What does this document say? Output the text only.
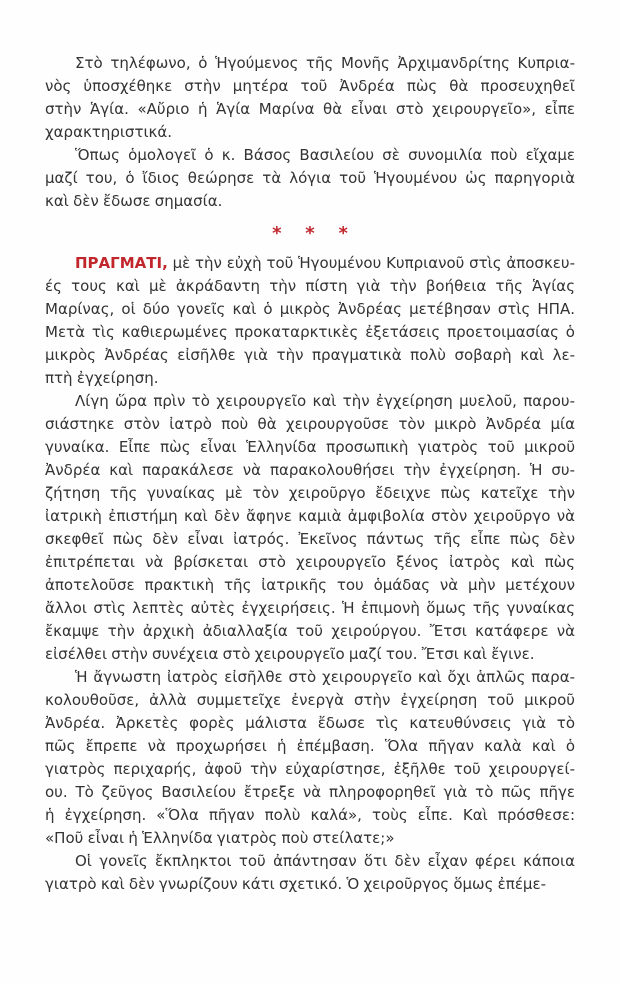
Στὸ τηλέφωνο, ὁ Ἡγούμενος τῆς Μονῆς Ἀρχιμανδρίτης Κυπρια-
νὸς ὑποσχέθηκε στὴν μητέρα τοῦ Ἀνδρέα πὼς θὰ προσευχηθεῖ
στὴν Ἁγία. «Αὔριο ἡ Ἁγία Μαρίνα θὰ εἶναι στὸ χειρουργεῖο», εἶπε
χαρακτηριστικά.
Ὅπως ὁμολογεῖ ὁ κ. Βάσος Βασιλείου σὲ συνομιλία ποὺ εἴχαμε
μαζί του, ὁ ἴδιος θεώρησε τὰ λόγια τοῦ Ἡγουμένου ὡς παρηγοριὰ
καὶ δὲν ἔδωσε σημασία.
* * *
ΠΡΑΓΜΑΤΙ, μὲ τὴν εὐχὴ τοῦ Ἡγουμένου Κυπριανοῦ στὶς ἀποσκευ-
ές τους καὶ μὲ ἀκράδαντη τὴν πίστη γιὰ τὴν βοήθεια τῆς Ἁγίας
Μαρίνας, οἱ δύο γονεῖς καὶ ὁ μικρὸς Ἀνδρέας μετέβησαν στὶς ΗΠΑ.
Μετὰ τὶς καθιερωμένες προκαταρκτικὲς ἐξετάσεις προετοιμασίας ὁ
μικρὸς Ἀνδρέας εἰσῆλθε γιὰ τὴν πραγματικὰ πολὺ σοβαρὴ καὶ λε-
πτὴ ἐγχείρηση.
Λίγη ὥρα πρὶν τὸ χειρουργεῖο καὶ τὴν ἐγχείρηση μυελοῦ, παρου-
σιάστηκε στὸν ἰατρὸ ποὺ θὰ χειρουργοῦσε τὸν μικρὸ Ἀνδρέα μία
γυναίκα. Εἶπε πὼς εἶναι Ἑλληνίδα προσωπικὴ γιατρὸς τοῦ μικροῦ
Ἀνδρέα καὶ παρακάλεσε νὰ παρακολουθήσει τὴν ἐγχείρηση. Ἡ συ-
ζήτηση τῆς γυναίκας μὲ τὸν χειροῦργο ἔδειχνε πὼς κατεῖχε τὴν
ἰατρικὴ ἐπιστήμη καὶ δὲν ἄφηνε καμιὰ ἀμφιβολία στὸν χειροῦργο νὰ
σκεφθεῖ πὼς δὲν εἶναι ἰατρός. Ἐκεῖνος πάντως τῆς εἶπε πὼς δὲν
ἐπιτρέπεται νὰ βρίσκεται στὸ χειρουργεῖο ξένος ἰατρὸς καὶ πὼς
ἀποτελοῦσε πρακτικὴ τῆς ἰατρικῆς του ὁμάδας νὰ μὴν μετέχουν
ἄλλοι στὶς λεπτὲς αὐτὲς ἐγχειρήσεις. Ἡ ἐπιμονὴ ὅμως τῆς γυναίκας
ἔκαμψε τὴν ἀρχικὴ ἀδιαλλαξία τοῦ χειρούργου. Ἔτσι κατάφερε νὰ
εἰσέλθει στὴν συνέχεια στὸ χειρουργεῖο μαζί του. Ἔτσι καὶ ἔγινε.
Ἡ ἄγνωστη ἰατρὸς εἰσῆλθε στὸ χειρουργεῖο καὶ ὄχι ἁπλῶς παρα-
κολουθοῦσε, ἀλλὰ συμμετεῖχε ἐνεργὰ στὴν ἐγχείρηση τοῦ μικροῦ
Ἀνδρέα. Ἀρκετὲς φορὲς μάλιστα ἔδωσε τὶς κατευθύνσεις γιὰ τὸ
πῶς ἔπρεπε νὰ προχωρήσει ἡ ἐπέμβαση. Ὅλα πῆγαν καλὰ καὶ ὁ
γιατρὸς περιχαρής, ἀφοῦ τὴν εὐχαρίστησε, ἐξῆλθε τοῦ χειρουργεί-
ου. Τὸ ζεῦγος Βασιλείου ἔτρεξε νὰ πληροφορηθεῖ γιὰ τὸ πῶς πῆγε
ἡ ἐγχείρηση. «Ὅλα πῆγαν πολὺ καλά», τοὺς εἶπε. Καὶ πρόσθεσε:
«Ποῦ εἶναι ἡ Ἑλληνίδα γιατρὸς ποὺ στείλατε;»
Οἱ γονεῖς ἔκπληκτοι τοῦ ἀπάντησαν ὅτι δὲν εἶχαν φέρει κάποια
γιατρὸ καὶ δὲν γνωρίζουν κάτι σχετικό. Ὁ χειροῦργος ὅμως ἐπέμε-
